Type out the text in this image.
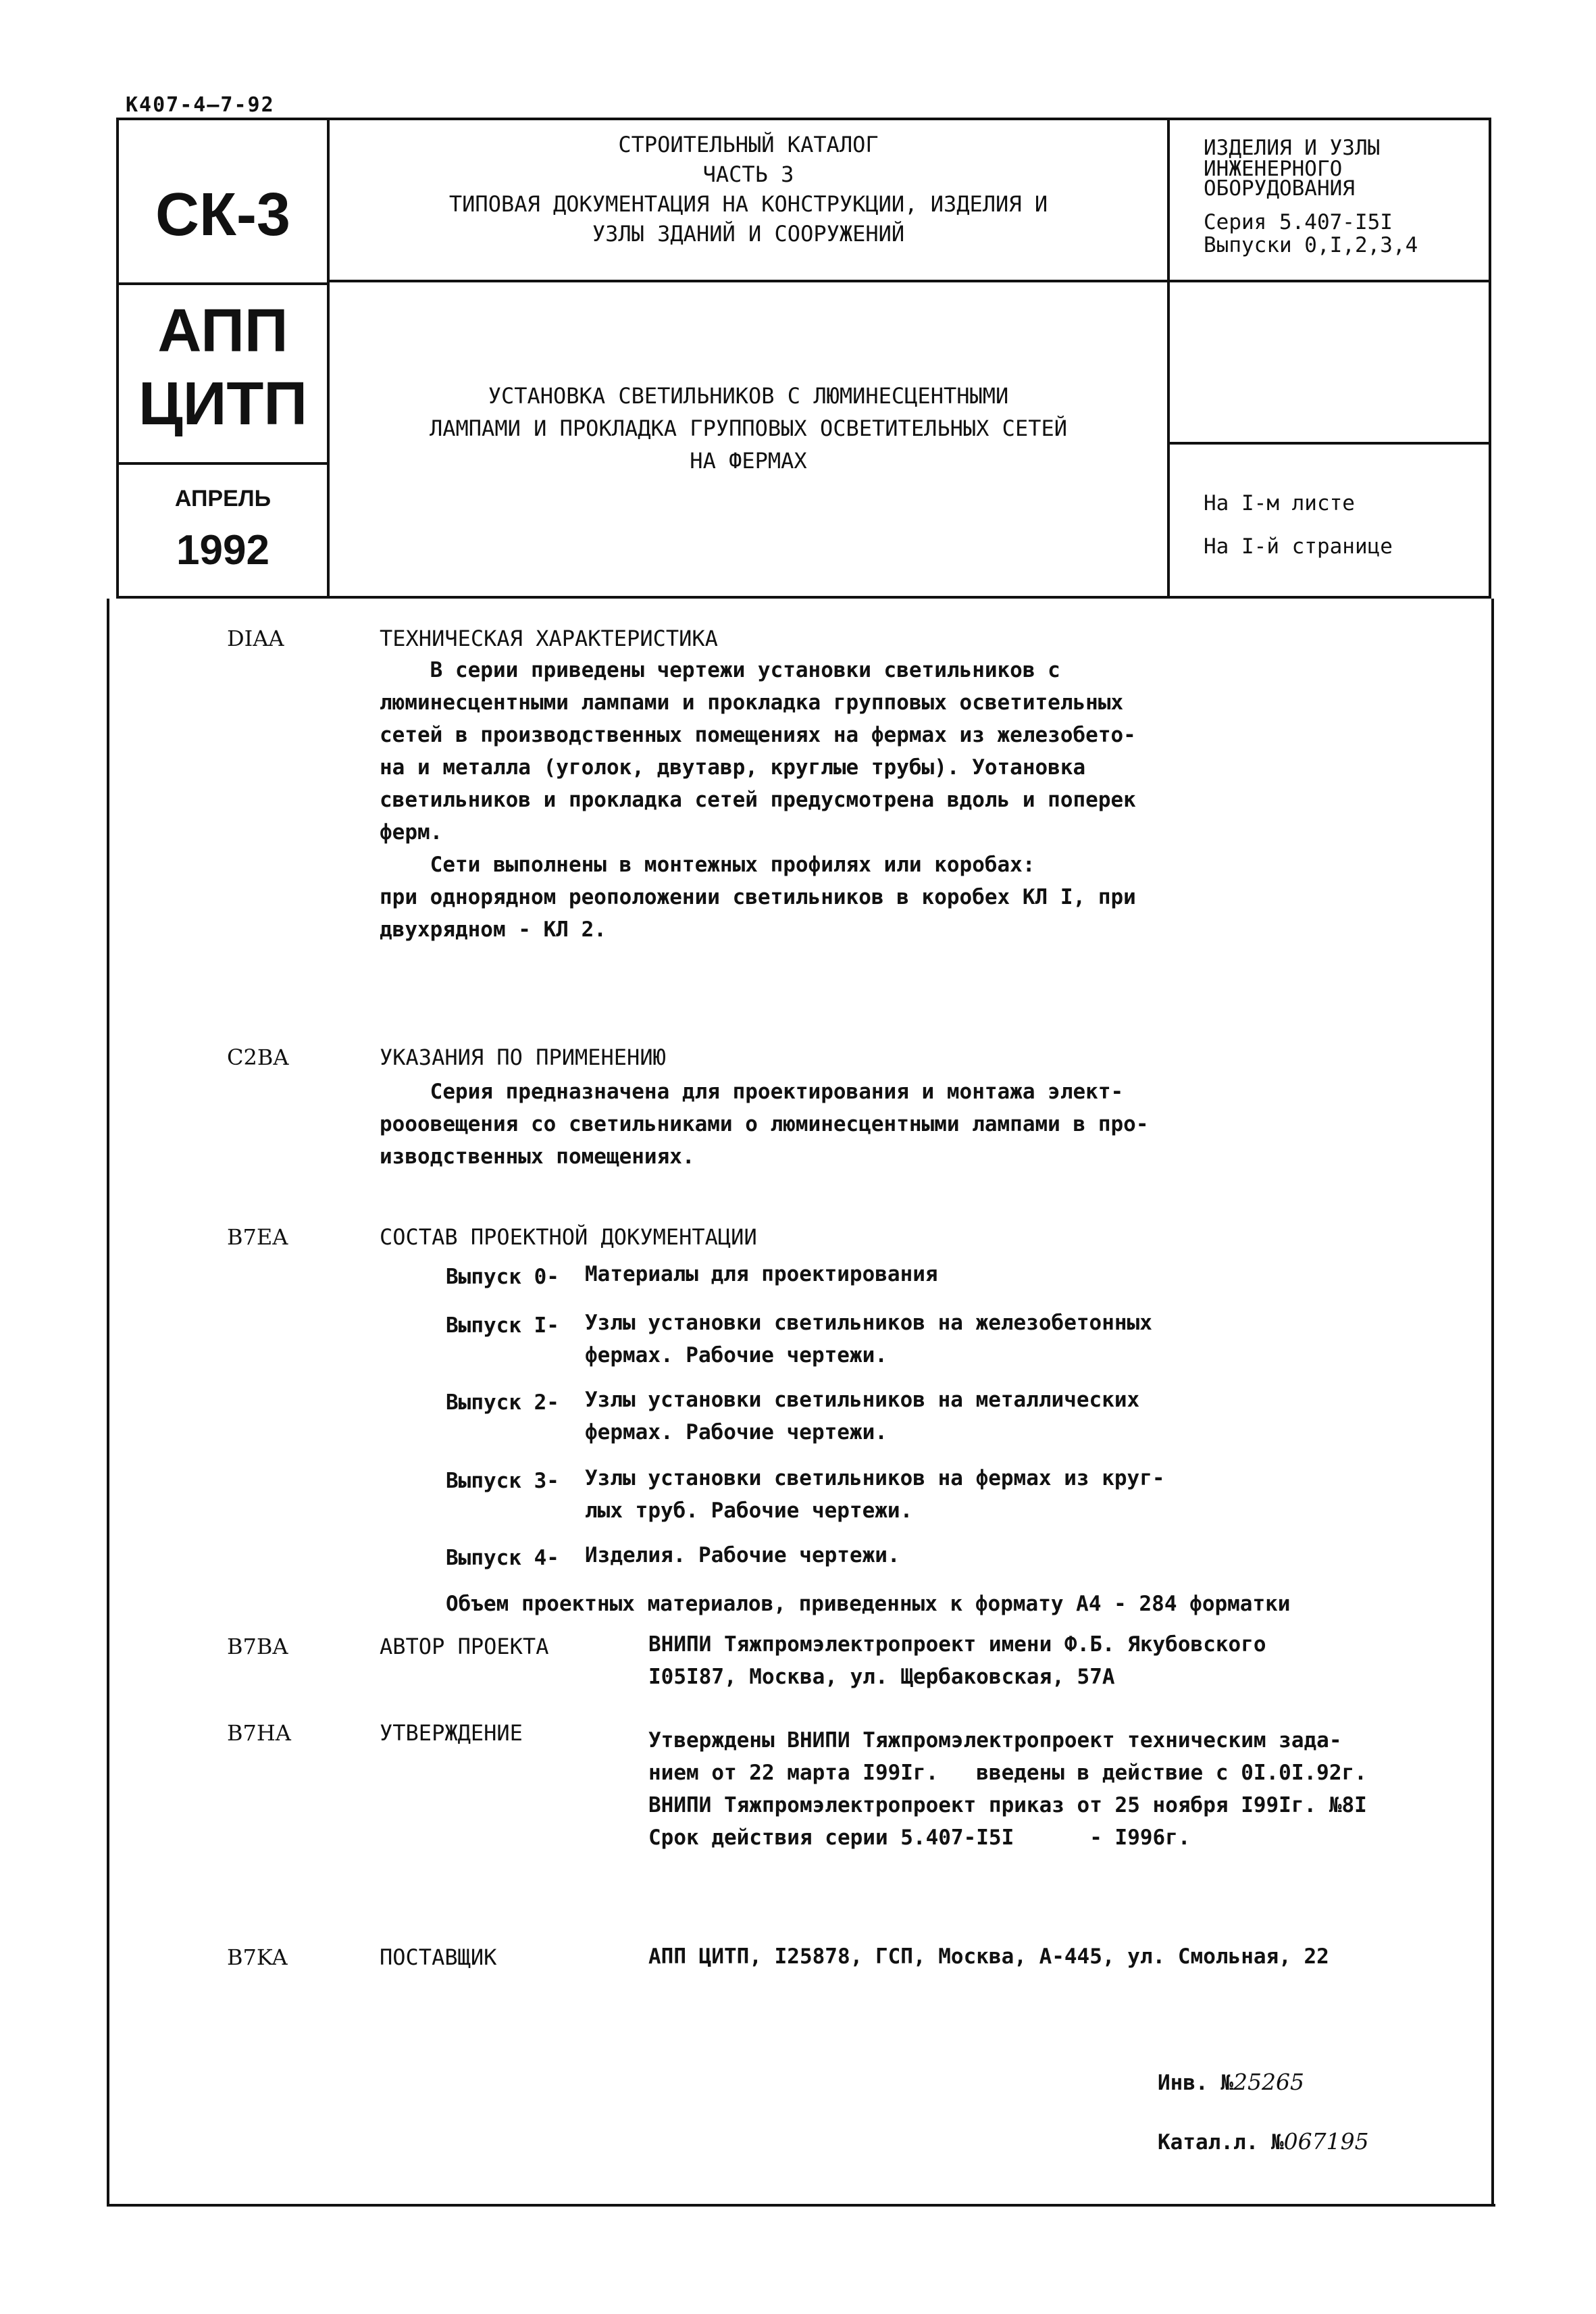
К407-4—7-92
СК-3
АПП
ЦИТП
АПРЕЛЬ
1992
СТРОИТЕЛЬНЫЙ КАТАЛОГ
ЧАСТЬ 3
ТИПОВАЯ ДОКУМЕНТАЦИЯ НА КОНСТРУКЦИИ, ИЗДЕЛИЯ И
УЗЛЫ ЗДАНИЙ И СООРУЖЕНИЙ
УСТАНОВКА СВЕТИЛЬНИКОВ С ЛЮМИНЕСЦЕНТНЫМИ
ЛАМПАМИ И ПРОКЛАДКА ГРУППОВЫХ ОСВЕТИТЕЛЬНЫХ СЕТЕЙ
НА ФЕРМАХ
ИЗДЕЛИЯ И УЗЛЫ
ИНЖЕНЕРНОГО
ОБОРУДОВАНИЯ
Серия 5.407-I5I
Выпуски 0,I,2,3,4
На I-м листе
На I-й странице
DIAA	ТЕХНИЧЕСКАЯ ХАРАКТЕРИСТИКА
В серии приведены чертежи установки светильников с
люминесцентными лампами и прокладка групповых осветительных
сетей в производственных помещениях на фермах из железобето-
на и металла (уголок, двутавр, круглые трубы). Уотановка
светильников и прокладка сетей предусмотрена вдоль и поперек
ферм.
Сети выполнены в монтежных профилях или коробах:
при однорядном реоположении светильников в коробех КЛ I, при
двухрядном - КЛ 2.
C2BA	УКАЗАНИЯ ПО ПРИМЕНЕНИЮ
Серия предназначена для проектирования и монтажа элект-
рооовещения со светильниками о люминесцентными лампами в про-
изводственных помещениях.
B7EA	СОСТАВ ПРОЕКТНОЙ ДОКУМЕНТАЦИИ
Выпуск 0- Материалы для проектирования
Выпуск I- Узлы установки светильников на железобетонных
фермах. Рабочие чертежи.
Выпуск 2- Узлы установки светильников на металлических
фермах. Рабочие чертежи.
Выпуск 3- Узлы установки светильников на фермах из круг-
лых труб. Рабочие чертежи.
Выпуск 4- Изделия. Рабочие чертежи.
Объем проектных материалов, приведенных к формату А4 - 284 форматки
B7BA	АВТОР ПРОЕКТА	ВНИПИ Тяжпромэлектропроект имени Ф.Б. Якубовского
I05I87, Москва, ул. Щербаковская, 57А
B7HA	УТВЕРЖДЕНИЕ	Утверждены ВНИПИ Тяжпромэлектропроект техническим зада-
нием от 22 марта I99Iг.   введены в действие с 0I.0I.92г.
ВНИПИ Тяжпромэлектропроект приказ от 25 ноября I99Iг. №8I
Срок действия серии 5.407-I5I      - I996г.
B7KA	ПОСТАВЩИК	АПП ЦИТП, I25878, ГСП, Москва, А-445, ул. Смольная, 22
Инв. №25265
Катал.л. №067195
